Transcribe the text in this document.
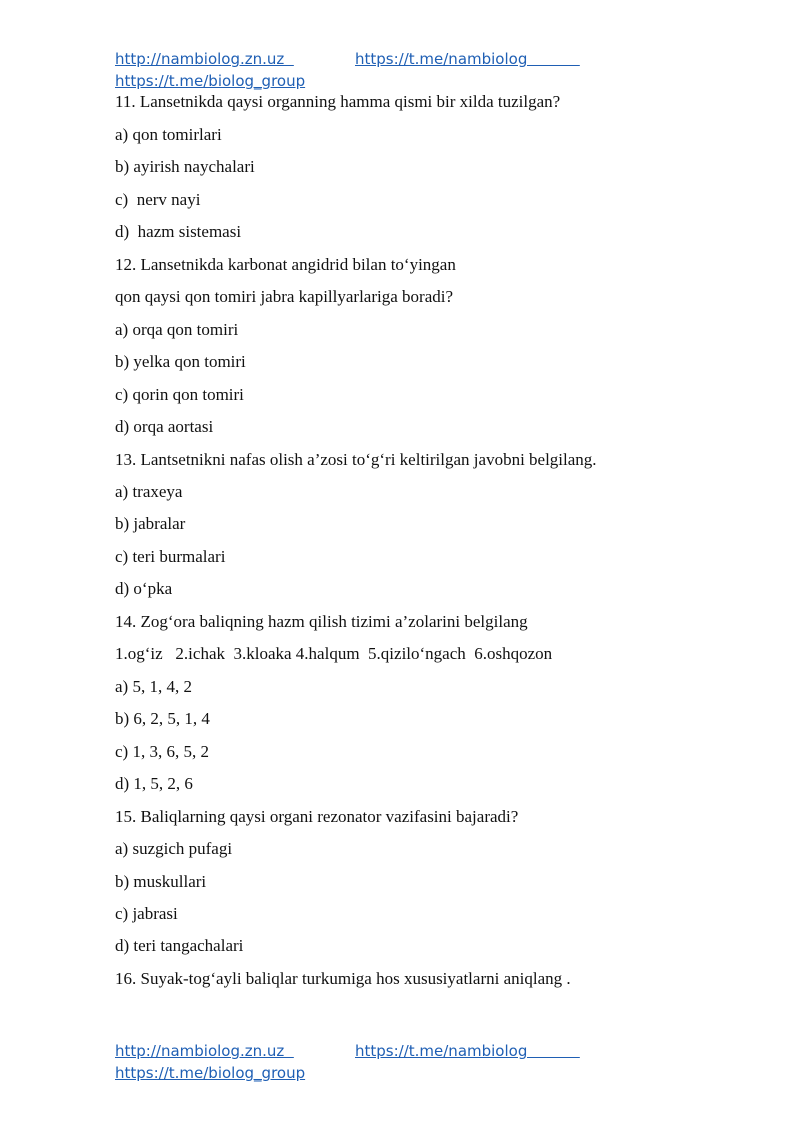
http://nambiolog.zn.uz	https://t.me/nambiolog
https://t.me/biolog_group
11. Lansetnikda qaysi organning hamma qismi bir xilda tuzilgan?
a) qon tomirlari
b) ayirish naychalari
c)  nerv nayi
d)  hazm sistemasi
12. Lansetnikda karbonat angidrid bilan to‘yingan
qon qaysi qon tomiri jabra kapillyarlariga boradi?
a) orqa qon tomiri
b) yelka qon tomiri
c) qorin qon tomiri
d) orqa aortasi
13. Lantsetnikni nafas olish a’zosi to‘g‘ri keltirilgan javobni belgilang.
a) traxeya
b) jabralar
c) teri burmalari
d) o‘pka
14. Zog‘ora baliqning hazm qilish tizimi a’zolarini belgilang
1.og‘iz   2.ichak  3.kloaka 4.halqum  5.qizilo‘ngach  6.oshqozon
a) 5, 1, 4, 2
b) 6, 2, 5, 1, 4
c) 1, 3, 6, 5, 2
d) 1, 5, 2, 6
15. Baliqlarning qaysi organi rezonator vazifasini bajaradi?
a) suzgich pufagi
b) muskullari
c) jabrasi
d) teri tangachalari
16. Suyak-tog‘ayli baliqlar turkumiga hos xususiyatlarni aniqlang .
http://nambiolog.zn.uz	https://t.me/nambiolog
https://t.me/biolog_group
